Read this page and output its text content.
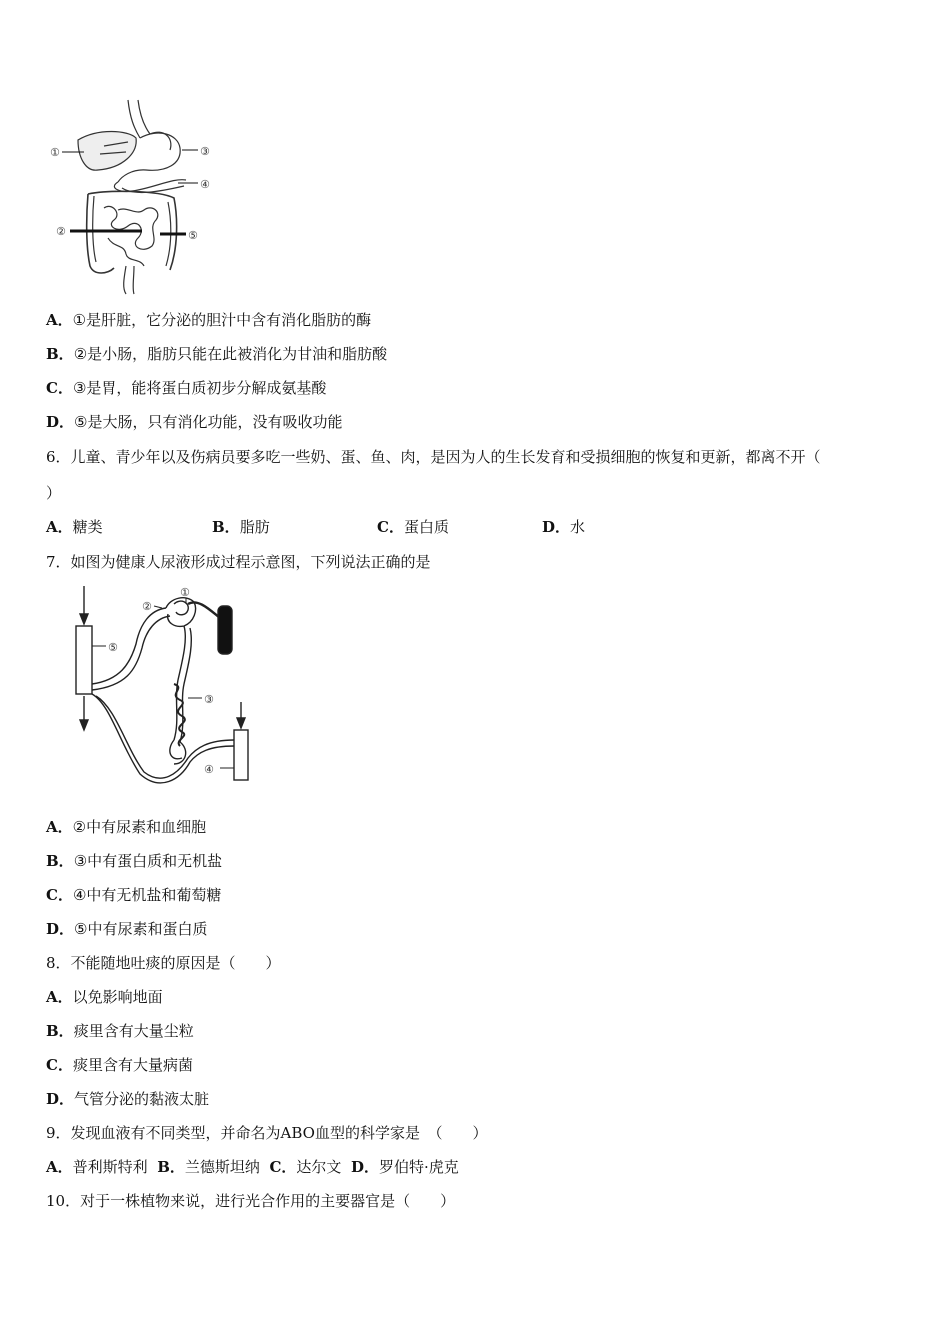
①
②
③
④
⑤
A．①是肝脏，它分泌的胆汁中含有消化脂肪的酶
B．②是小肠，脂肪只能在此被消化为甘油和脂肪酸
C．③是胃，能将蛋白质初步分解成氨基酸
D．⑤是大肠，只有消化功能，没有吸收功能
6．儿童、青少年以及伤病员要多吃一些奶、蛋、鱼、肉，是因为人的生长发育和受损细胞的恢复和更新，都离不开（
）
A．糖类	B．脂肪	C．蛋白质	D．水
7．如图为健康人尿液形成过程示意图，下列说法正确的是
⑤
②
①
③
④
A．②中有尿素和血细胞
B．③中有蛋白质和无机盐
C．④中有无机盐和葡萄糖
D．⑤中有尿素和蛋白质
8．不能随地吐痰的原因是（　　）
A．以免影响地面
B．痰里含有大量尘粒
C．痰里含有大量病菌
D．气管分泌的黏液太脏
9．发现血液有不同类型，并命名为ABO血型的科学家是　（　　）
A．普利斯特利 B．兰德斯坦纳 C．达尔文 D．罗伯特·虎克
10．对于一株植物来说，进行光合作用的主要器官是（　　）
